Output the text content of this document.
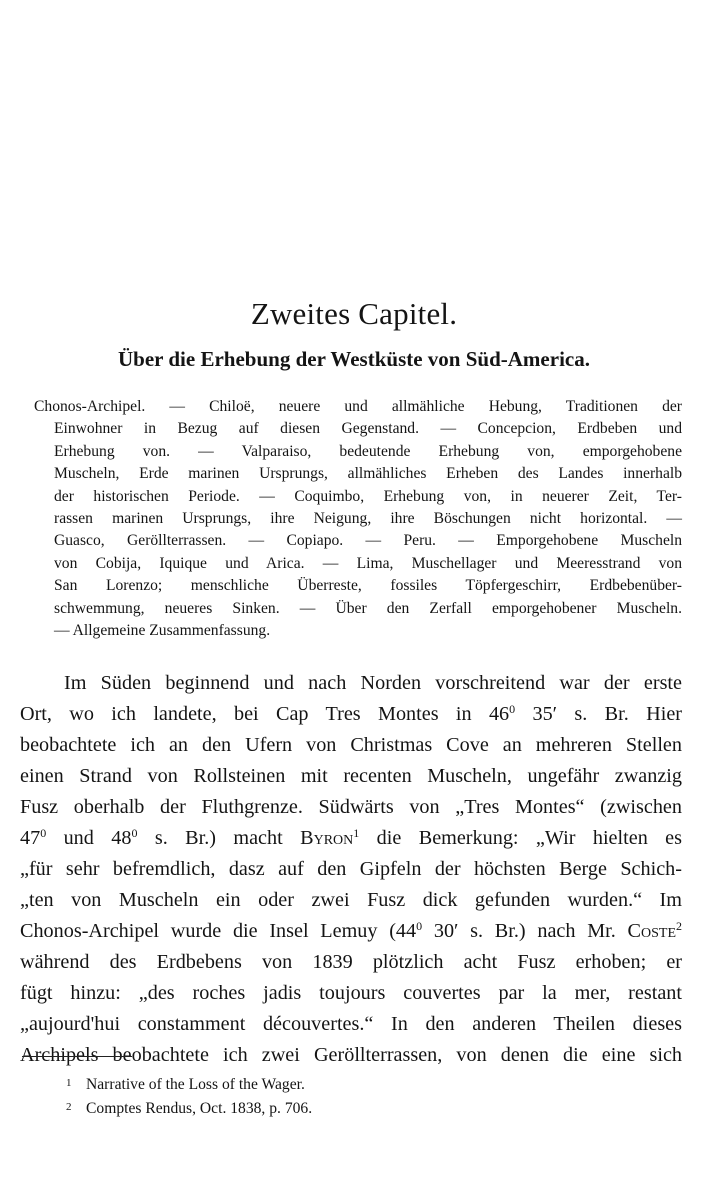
Zweites Capitel.
Über die Erhebung der Westküste von Süd-America.
Chonos-Archipel. — Chiloë, neuere und allmähliche Hebung, Traditionen der
Einwohner in Bezug auf diesen Gegenstand. — Concepcion, Erdbeben und
Erhebung von. — Valparaiso, bedeutende Erhebung von, emporgehobene
Muscheln, Erde marinen Ursprungs, allmähliches Erheben des Landes innerhalb
der historischen Periode. — Coquimbo, Erhebung von, in neuerer Zeit, Ter-
rassen marinen Ursprungs, ihre Neigung, ihre Böschungen nicht horizontal. —
Guasco, Geröllterrassen. — Copiapo. — Peru. — Emporgehobene Muscheln
von Cobija, Iquique und Arica. — Lima, Muschellager und Meeresstrand von
San Lorenzo; menschliche Überreste, fossiles Töpfergeschirr, Erdbebenüber-
schwemmung, neueres Sinken. — Über den Zerfall emporgehobener Muscheln.
— Allgemeine Zusammenfassung.
Im Süden beginnend und nach Norden vorschreitend war der erste
Ort, wo ich landete, bei Cap Tres Montes in $46^0$ 35′ s. Br. Hier
beobachtete ich an den Ufern von Christmas Cove an mehreren Stellen
einen Strand von Rollsteinen mit recenten Muscheln, ungefähr zwanzig
Fusz oberhalb der Fluthgrenze. Südwärts von „Tres Montes“ (zwischen
$47^0$ und $48^0$ s. Br.) macht Byron$^1$ die Bemerkung: „Wir hielten es
„für sehr befremdlich, dasz auf den Gipfeln der höchsten Berge Schich-
„ten von Muscheln ein oder zwei Fusz dick gefunden wurden.“ Im
Chonos-Archipel wurde die Insel Lemuy ($44^0$ 30′ s. Br.) nach Mr. Coste$^2$
während des Erdbebens von 1839 plötzlich acht Fusz erhoben; er
fügt hinzu: „des roches jadis toujours couvertes par la mer, restant
„aujourd'hui constamment découvertes.“ In den anderen Theilen dieses
Archipels beobachtete ich zwei Geröllterrassen, von denen die eine sich
1 Narrative of the Loss of the Wager.
2 Comptes Rendus, Oct. 1838, p. 706.
